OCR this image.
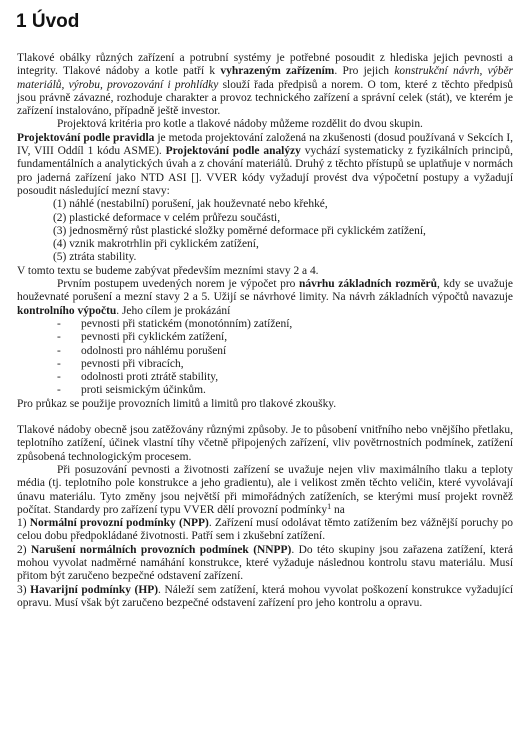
1 Úvod

Tlakové obálky různých zařízení a potrubní systémy je potřebné posoudit z hlediska jejich pevnosti a integrity. Tlakové nádoby a kotle patří k vyhrazeným zařízením. Pro jejich konstrukční návrh, výběr materiálů, výrobu, provozování i prohlídky slouží řada předpisů a norem. O tom, které z těchto předpisů jsou právně závazné, rozhoduje charakter a provoz technického zařízení a správní celek (stát), ve kterém je zařízení instalováno, případně ještě investor.

Projektová kritéria pro kotle a tlakové nádoby můžeme rozdělit do dvou skupin.

Projektování podle pravidla je metoda projektování založená na zkušenosti (dosud používaná v Sekcích I, IV, VIII Oddíl 1 kódu ASME). Projektování podle analýzy vychází systematicky z fyzikálních principů, fundamentálních a analytických úvah a z chování materiálů. Druhý z těchto přístupů se uplatňuje v normách pro jaderná zařízení jako NTD ASI []. VVER kódy vyžadují provést dva výpočetní postupy a vyžadují posoudit následující mezní stavy:

(1) náhlé (nestabilní) porušení, jak houževnaté nebo křehké,
(2) plastické deformace v celém průřezu součásti,
(3) jednosměrný růst plastické složky poměrné deformace při cyklickém zatížení,
(4) vznik makrotrhlin při cyklickém zatížení,
(5) ztráta stability.

V tomto textu se budeme zabývat především mezními stavy 2 a 4.

Prvním postupem uvedených norem je výpočet pro návrhu základních rozměrů, kdy se uvažuje houževnaté porušení a mezní stavy 2 a 5. Užijí se návrhové limity. Na návrh základních výpočtů navazuje kontrolního výpočtu. Jeho cílem je prokázání

- pevnosti při statickém (monotónním) zatížení,
- pevnosti při cyklickém zatížení,
- odolnosti pro náhlému porušení
- pevnosti při vibracích,
- odolnosti proti ztrátě stability,
- proti seismickým účinkům.

Pro průkaz se použije provozních limitů a limitů pro tlakové zkoušky.

Tlakové nádoby obecně jsou zatěžovány různými způsoby. Je to působení vnitřního nebo vnějšího přetlaku, teplotního zatížení, účinek vlastní tíhy včetně připojených zařízení, vliv povětrnostních podmínek, zatížení způsobená technologickým procesem.

Při posuzování pevnosti a životnosti zařízení se uvažuje nejen vliv maximálního tlaku a teploty média (tj. teplotního pole konstrukce a jeho gradientu), ale i velikost změn těchto veličin, které vyvolávají únavu materiálu. Tyto změny jsou největší při mimořádných zatíženích, se kterými musí projekt rovněž počítat. Standardy pro zařízení typu VVER dělí provozní podmínky$^1$ na

1) Normální provozní podmínky (NPP). Zařízení musí odolávat těmto zatížením bez vážnější poruchy po celou dobu předpokládané životnosti. Patří sem i zkušební zatížení.

2) Narušení normálních provozních podmínek (NNPP). Do této skupiny jsou zařazena zatížení, která mohou vyvolat nadměrné namáhání konstrukce, které vyžaduje následnou kontrolu stavu materiálu. Musí přitom být zaručeno bezpečné odstavení zařízení.

3) Havarijní podmínky (HP). Náleží sem zatížení, která mohou vyvolat poškození konstrukce vyžadující opravu. Musí však být zaručeno bezpečné odstavení zařízení pro jeho kontrolu a opravu.
